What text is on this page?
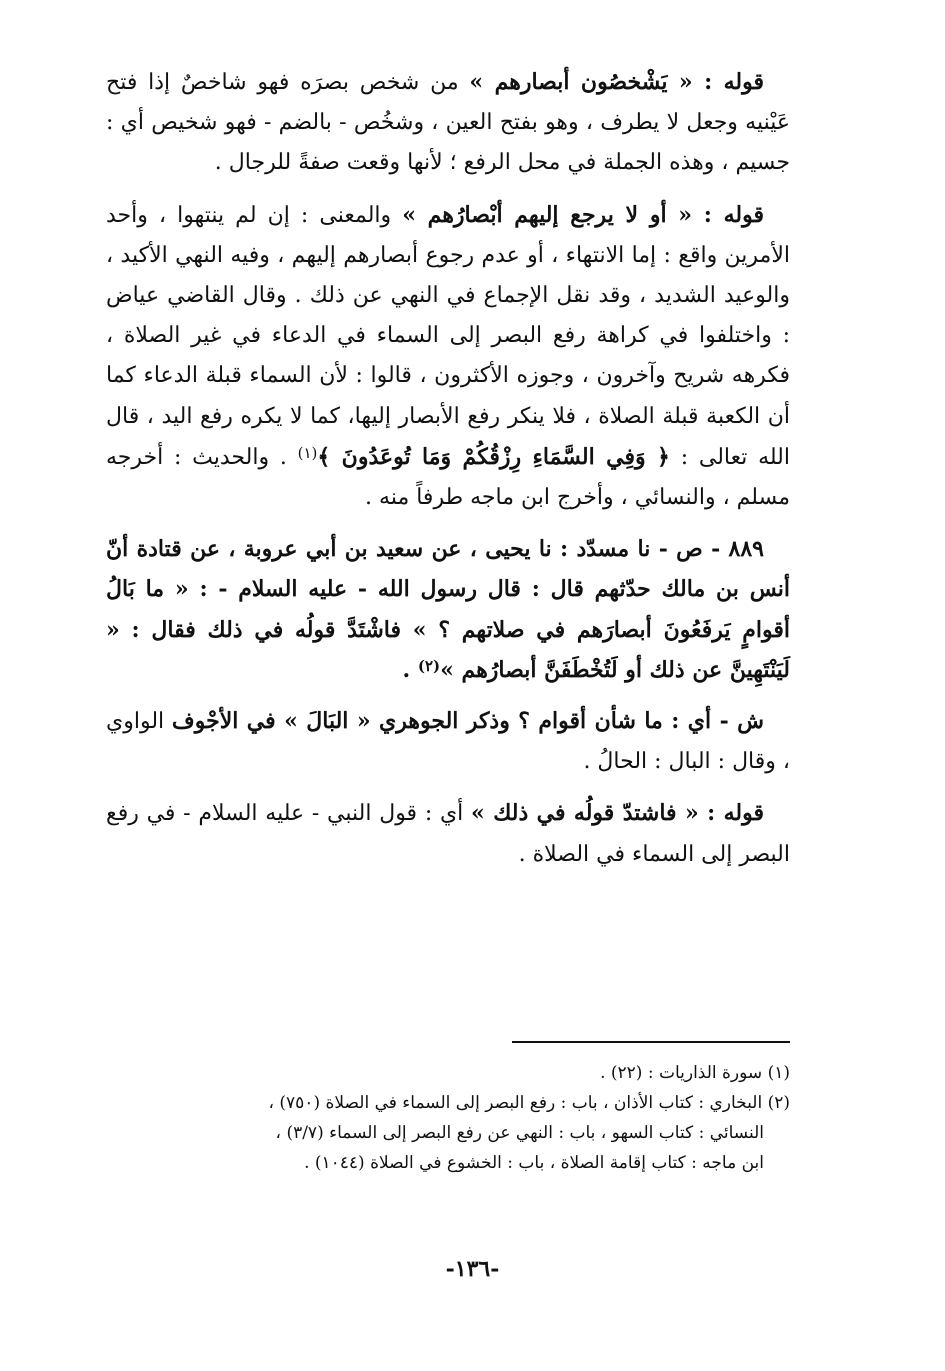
قوله : « يَشْخصُون أبصارهم » من شخص بصرَه فهو شاخصٌ إذا فتح عَيْنيه وجعل لا يطرف ، وهو بفتح العين ، وشخُص - بالضم - فهو شخيص أي : جسيم ، وهذه الجملة في محل الرفع ؛ لأنها وقعت صفةً للرجال .

قوله : « أو لا يرجع إليهم أبْصارُهم » والمعنى : إن لم ينتهوا ، وأحد الأمرين واقع : إما الانتهاء ، أو عدم رجوع أبصارهم إليهم ، وفيه النهي الأكيد ، والوعيد الشديد ، وقد نقل الإجماع في النهي عن ذلك . وقال القاضي عياض : واختلفوا في كراهة رفع البصر إلى السماء في الدعاء في غير الصلاة ، فكرهه شريح وآخرون ، وجوزه الأكثرون ، قالوا : لأن السماء قبلة الدعاء كما أن الكعبة قبلة الصلاة ، فلا ينكر رفع الأبصار إليها، كما لا يكره رفع اليد ، قال الله تعالى : ﴿ وَفِي السَّمَاءِ رِزْقُكُمْ وَمَا تُوعَدُونَ ﴾$^{(١)}$ . والحديث : أخرجه مسلم ، والنسائي ، وأخرج ابن ماجه طرفاً منه .

٨٨٩ - ص - نا مسدّد : نا يحيى ، عن سعيد بن أبي عروبة ، عن قتادة أنّ أنس بن مالك حدّثهم قال : قال رسول الله - عليه السلام - : « ما بَالُ أقوامٍ يَرفَعُونَ أبصارَهم في صلاتهم ؟ » فاشْتَدَّ قولُه في ذلك فقال : « لَيَنْتَهِينَّ عن ذلك أو لَتُخْطَفَنَّ أبصارُهم »$^{(٢)}$ .

ش - أي : ما شأن أقوام ؟ وذكر الجوهري « البَالَ » في الأجْوف الواوي ، وقال : البال : الحالُ .

قوله : « فاشتدّ قولُه في ذلك » أي : قول النبي - عليه السلام - في رفع البصر إلى السماء في الصلاة .

(١) سورة الذاريات : (٢٢) .

(٢) البخاري : كتاب الأذان ، باب : رفع البصر إلى السماء في الصلاة (٧٥٠) ،

النسائي : كتاب السهو ، باب : النهي عن رفع البصر إلى السماء (٣/٧) ،

ابن ماجه : كتاب إقامة الصلاة ، باب : الخشوع في الصلاة (١٠٤٤) .

-١٣٦-
